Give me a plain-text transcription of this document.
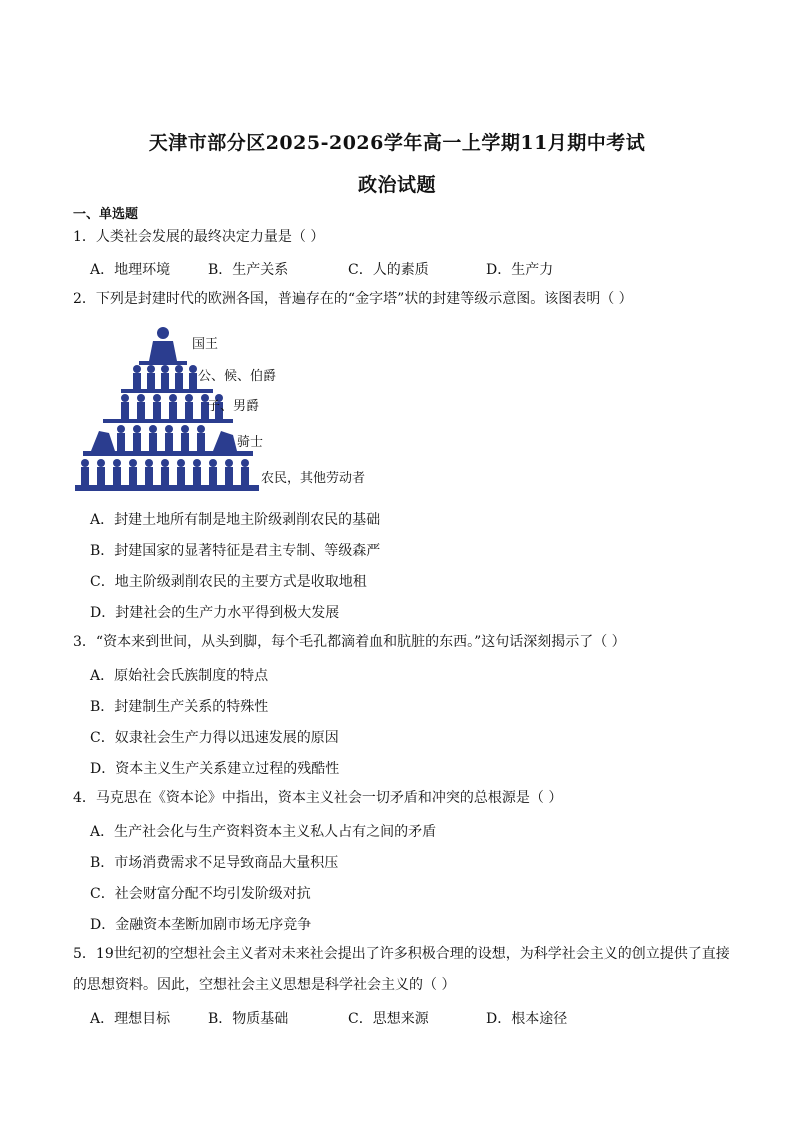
天津市部分区2025-2026学年高一上学期11月期中考试
政治试题
一、单选题
1．人类社会发展的最终决定力量是（ ）
A．地理环境	B．生产关系	C．人的素质	D．生产力
2．下列是封建时代的欧洲各国，普遍存在的“金字塔”状的封建等级示意图。该图表明（ ）
国王
公、候、伯爵
子、男爵
骑士
农民，其他劳动者
A．封建土地所有制是地主阶级剥削农民的基础
B．封建国家的显著特征是君主专制、等级森严
C．地主阶级剥削农民的主要方式是收取地租
D．封建社会的生产力水平得到极大发展
3．“资本来到世间，从头到脚，每个毛孔都滴着血和肮脏的东西。”这句话深刻揭示了（ ）
A．原始社会氏族制度的特点
B．封建制生产关系的特殊性
C．奴隶社会生产力得以迅速发展的原因
D．资本主义生产关系建立过程的残酷性
4．马克思在《资本论》中指出，资本主义社会一切矛盾和冲突的总根源是（ ）
A．生产社会化与生产资料资本主义私人占有之间的矛盾
B．市场消费需求不足导致商品大量积压
C．社会财富分配不均引发阶级对抗
D．金融资本垄断加剧市场无序竞争
5．19世纪初的空想社会主义者对未来社会提出了许多积极合理的设想，为科学社会主义的创立提供了直接
的思想资料。因此，空想社会主义思想是科学社会主义的（ ）
A．理想目标	B．物质基础	C．思想来源	D．根本途径
